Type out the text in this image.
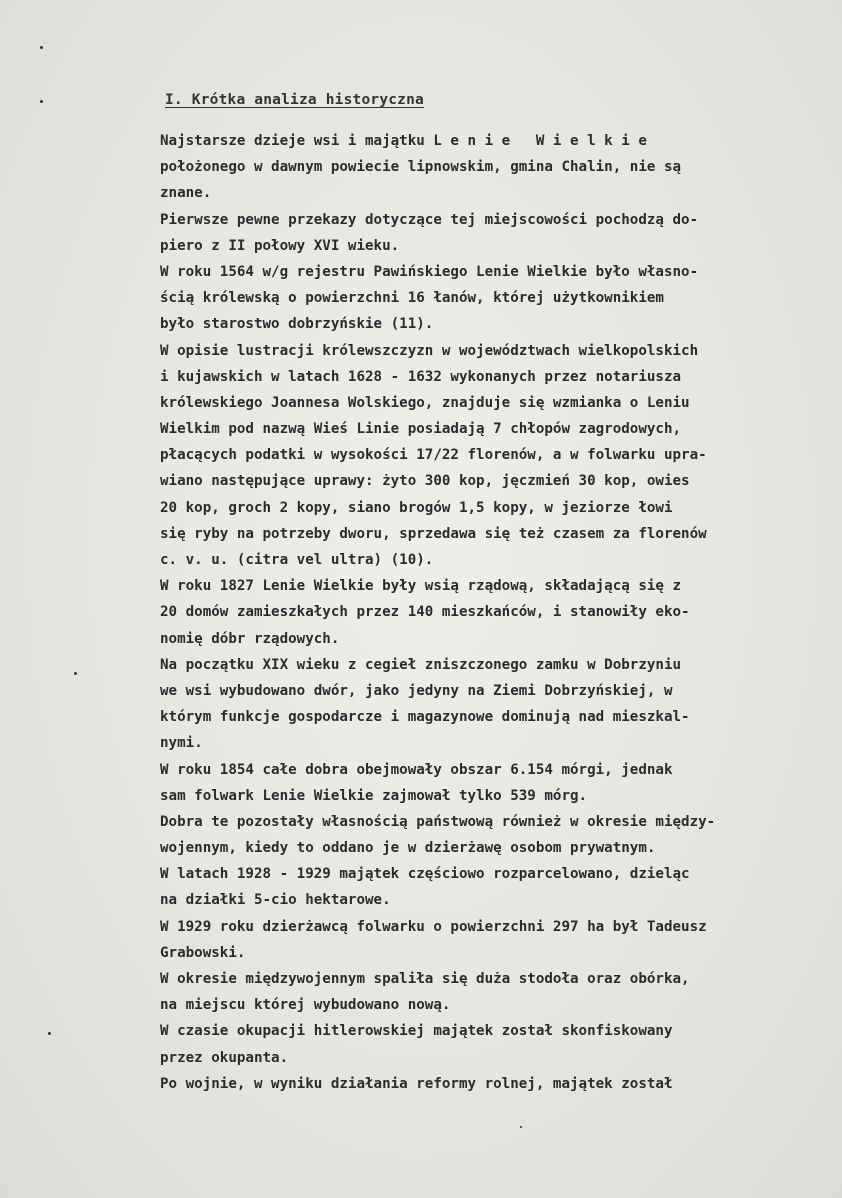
I. Krótka analiza historyczna
Najstarsze dzieje wsi i majątku L e n i e   W i e l k i e
położonego w dawnym powiecie lipnowskim, gmina Chalin, nie są
znane.
Pierwsze pewne przekazy dotyczące tej miejscowości pochodzą do-
piero z II połowy XVI wieku.
W roku 1564 w/g rejestru Pawińskiego Lenie Wielkie było własno-
ścią królewską o powierzchni 16 łanów, której użytkownikiem
było starostwo dobrzyńskie (11).
W opisie lustracji królewszczyzn w województwach wielkopolskich
i kujawskich w latach 1628 - 1632 wykonanych przez notariusza
królewskiego Joannesa Wolskiego, znajduje się wzmianka o Leniu
Wielkim pod nazwą Wieś Linie posiadają 7 chłopów zagrodowych,
płacących podatki w wysokości 17/22 florenów, a w folwarku upra-
wiano następujące uprawy: żyto 300 kop, jęczmień 30 kop, owies
20 kop, groch 2 kopy, siano brogów 1,5 kopy, w jeziorze łowi
się ryby na potrzeby dworu, sprzedawa się też czasem za florenów
c. v. u. (citra vel ultra) (10).
W roku 1827 Lenie Wielkie były wsią rządową, składającą się z
20 domów zamieszkałych przez 140 mieszkańców, i stanowiły eko-
nomię dóbr rządowych.
Na początku XIX wieku z cegieł zniszczonego zamku w Dobrzyniu
we wsi wybudowano dwór, jako jedyny na Ziemi Dobrzyńskiej, w
którym funkcje gospodarcze i magazynowe dominują nad mieszkal-
nymi.
W roku 1854 całe dobra obejmowały obszar 6.154 mórgi, jednak
sam folwark Lenie Wielkie zajmował tylko 539 mórg.
Dobra te pozostały własnością państwową również w okresie między-
wojennym, kiedy to oddano je w dzierżawę osobom prywatnym.
W latach 1928 - 1929 majątek częściowo rozparcelowano, dzieląc
na działki 5-cio hektarowe.
W 1929 roku dzierżawcą folwarku o powierzchni 297 ha był Tadeusz
Grabowski.
W okresie międzywojennym spaliła się duża stodoła oraz obórka,
na miejscu której wybudowano nową.
W czasie okupacji hitlerowskiej majątek został skonfiskowany
przez okupanta.
Po wojnie, w wyniku działania reformy rolnej, majątek został
